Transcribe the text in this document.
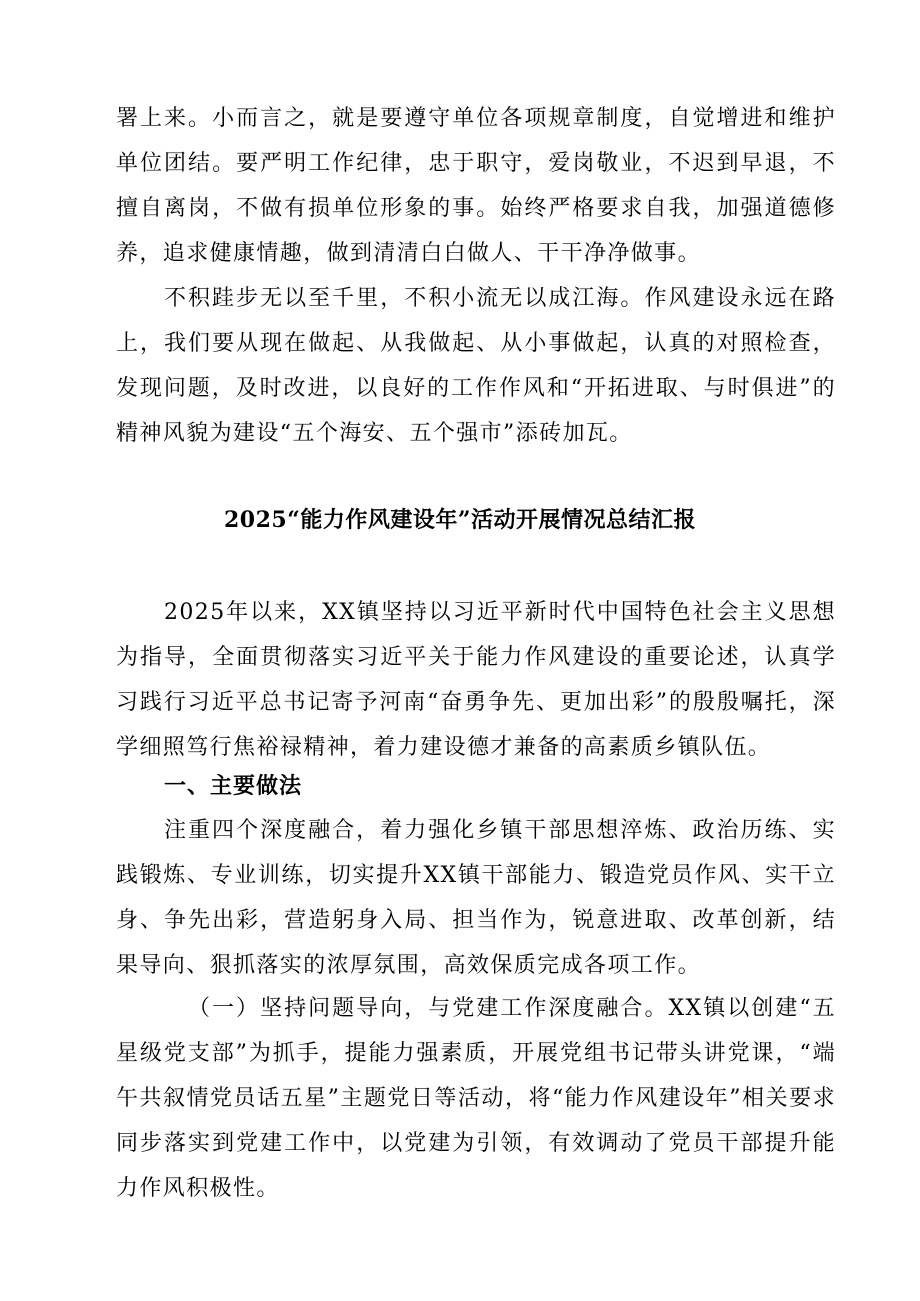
署上来。小而言之，就是要遵守单位各项规章制度，自觉增进和维护单位团结。要严明工作纪律，忠于职守，爱岗敬业，不迟到早退，不擅自离岗，不做有损单位形象的事。始终严格要求自我，加强道德修养，追求健康情趣，做到清清白白做人、干干净净做事。

不积跬步无以至千里，不积小流无以成江海。作风建设永远在路上，我们要从现在做起、从我做起、从小事做起，认真的对照检查，发现问题，及时改进，以良好的工作作风和“开拓进取、与时俱进”的精神风貌为建设“五个海安、五个强市”添砖加瓦。

2025“能力作风建设年”活动开展情况总结汇报

2025年以来，XX镇坚持以习近平新时代中国特色社会主义思想为指导，全面贯彻落实习近平关于能力作风建设的重要论述，认真学习践行习近平总书记寄予河南“奋勇争先、更加出彩”的殷殷嘱托，深学细照笃行焦裕禄精神，着力建设德才兼备的高素质乡镇队伍。

一、主要做法

注重四个深度融合，着力强化乡镇干部思想淬炼、政治历练、实践锻炼、专业训练，切实提升XX镇干部能力、锻造党员作风、实干立身、争先出彩，营造躬身入局、担当作为，锐意进取、改革创新，结果导向、狠抓落实的浓厚氛围，高效保质完成各项工作。

（一）坚持问题导向，与党建工作深度融合。XX镇以创建“五星级党支部”为抓手，提能力强素质，开展党组书记带头讲党课，“端午共叙情党员话五星”主题党日等活动，将“能力作风建设年”相关要求同步落实到党建工作中，以党建为引领，有效调动了党员干部提升能力作风积极性。
